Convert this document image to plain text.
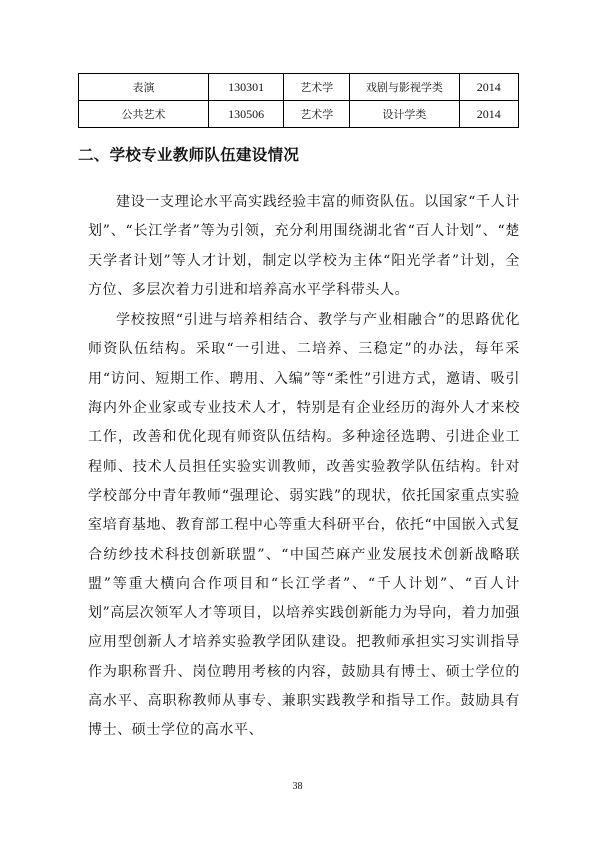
表演	130301	艺术学	戏剧与影视学类	2014
公共艺术	130506	艺术学	设计学类	2014
二、学校专业教师队伍建设情况

建设一支理论水平高实践经验丰富的师资队伍。以国家“千人计划”、“长江学者”等为引领，充分利用围绕湖北省“百人计划”、“楚天学者计划”等人才计划，制定以学校为主体“阳光学者”计划，全方位、多层次着力引进和培养高水平学科带头人。

学校按照“引进与培养相结合、教学与产业相融合”的思路优化师资队伍结构。采取“一引进、二培养、三稳定”的办法，每年采用“访问、短期工作、聘用、入编”等“柔性”引进方式，邀请、吸引海内外企业家或专业技术人才，特别是有企业经历的海外人才来校工作，改善和优化现有师资队伍结构。多种途径选聘、引进企业工程师、技术人员担任实验实训教师，改善实验教学队伍结构。针对学校部分中青年教师“强理论、弱实践”的现状，依托国家重点实验室培育基地、教育部工程中心等重大科研平台，依托“中国嵌入式复合纺纱技术科技创新联盟”、“中国苎麻产业发展技术创新战略联盟”等重大横向合作项目和“长江学者”、“千人计划”、“百人计划”高层次领军人才等项目，以培养实践创新能力为导向，着力加强应用型创新人才培养实验教学团队建设。把教师承担实习实训指导作为职称晋升、岗位聘用考核的内容，鼓励具有博士、硕士学位的高水平、高职称教师从事专、兼职实践教学和指导工作。鼓励具有博士、硕士学位的高水平、

38
